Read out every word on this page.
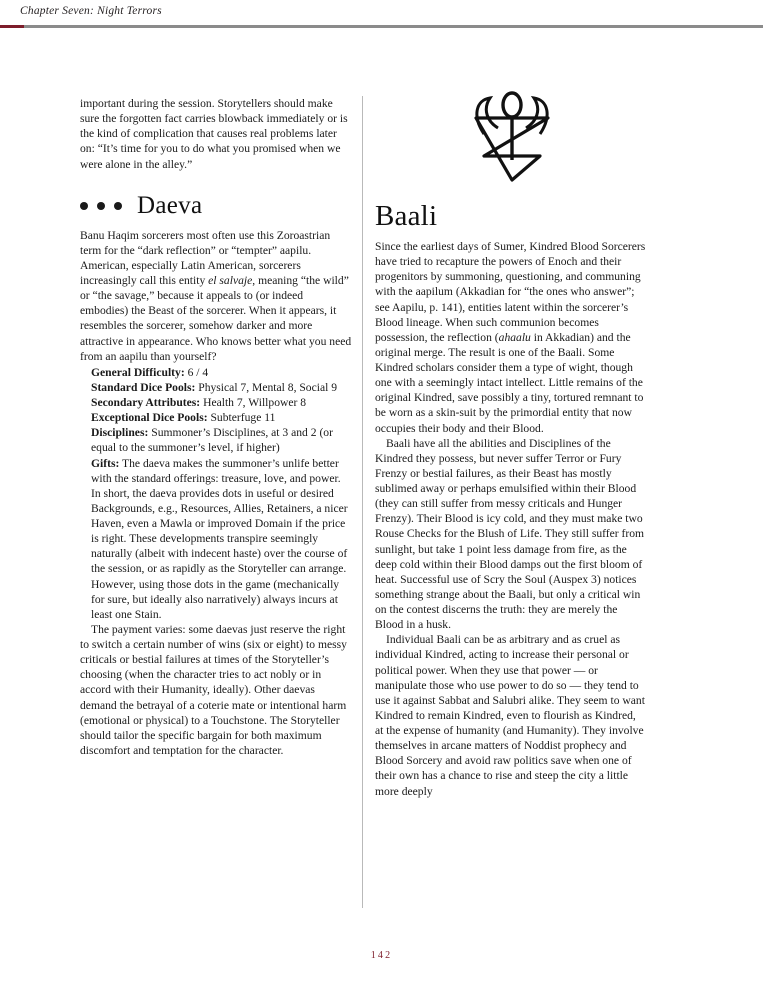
Chapter Seven: Night Terrors

important during the session. Storytellers should make sure the forgotten fact carries blowback immediately or is the kind of complication that causes real problems later on: “It’s time for you to do what you promised when we were alone in the alley.”

Daeva

Banu Haqim sorcerers most often use this Zoroastrian term for the “dark reflection” or “tempter” aapilu. American, especially Latin American, sorcerers increasingly call this entity el salvaje, meaning “the wild” or “the savage,” because it appeals to (or indeed embodies) the Beast of the sorcerer. When it appears, it resembles the sorcerer, somehow darker and more attractive in appearance. Who knows better what you need from an aapilu than yourself?

General Difficulty: 6 / 4

Standard Dice Pools: Physical 7, Mental 8, Social 9

Secondary Attributes: Health 7, Willpower 8

Exceptional Dice Pools: Subterfuge 11

Disciplines: Summoner’s Disciplines, at 3 and 2 (or equal to the summoner’s level, if higher)

Gifts: The daeva makes the summoner’s unlife better with the standard offerings: treasure, love, and power. In short, the daeva provides dots in useful or desired Backgrounds, e.g., Resources, Allies, Retainers, a nicer Haven, even a Mawla or improved Domain if the price is right. These developments transpire seemingly naturally (albeit with indecent haste) over the course of the session, or as rapidly as the Storyteller can arrange. However, using those dots in the game (mechanically for sure, but ideally also narratively) always incurs at least one Stain.

The payment varies: some daevas just reserve the right to switch a certain number of wins (six or eight) to messy criticals or bestial failures at times of the Storyteller’s choosing (when the character tries to act nobly or in accord with their Humanity, ideally). Other daevas demand the betrayal of a coterie mate or intentional harm (emotional or physical) to a Touchstone. The Storyteller should tailor the specific bargain for both maximum discomfort and temptation for the character.

Baali

Since the earliest days of Sumer, Kindred Blood Sorcerers have tried to recapture the powers of Enoch and their progenitors by summoning, questioning, and communing with the aapilum (Akkadian for “the ones who answer”; see Aapilu, p. 141), entities latent within the sorcerer’s Blood lineage. When such communion becomes possession, the reflection (ahaalu in Akkadian) and the original merge. The result is one of the Baali. Some Kindred scholars consider them a type of wight, though one with a seemingly intact intellect. Little remains of the original Kindred, save possibly a tiny, tortured remnant to be worn as a skin-suit by the primordial entity that now occupies their body and their Blood.

Baali have all the abilities and Disciplines of the Kindred they possess, but never suffer Terror or Fury Frenzy or bestial failures, as their Beast has mostly sublimed away or perhaps emulsified within their Blood (they can still suffer from messy criticals and Hunger Frenzy). Their Blood is icy cold, and they must make two Rouse Checks for the Blush of Life. They still suffer from sunlight, but take 1 point less damage from fire, as the deep cold within their Blood damps out the first bloom of heat. Successful use of Scry the Soul (Auspex 3) notices something strange about the Baali, but only a critical win on the contest discerns the truth: they are merely the Blood in a husk.

Individual Baali can be as arbitrary and as cruel as individual Kindred, acting to increase their personal or political power. When they use that power — or manipulate those who use power to do so — they tend to use it against Sabbat and Salubri alike. They seem to want Kindred to remain Kindred, even to flourish as Kindred, at the expense of humanity (and Humanity). They involve themselves in arcane matters of Noddist prophecy and Blood Sorcery and avoid raw politics save when one of their own has a chance to rise and steep the city a little more deeply

142
